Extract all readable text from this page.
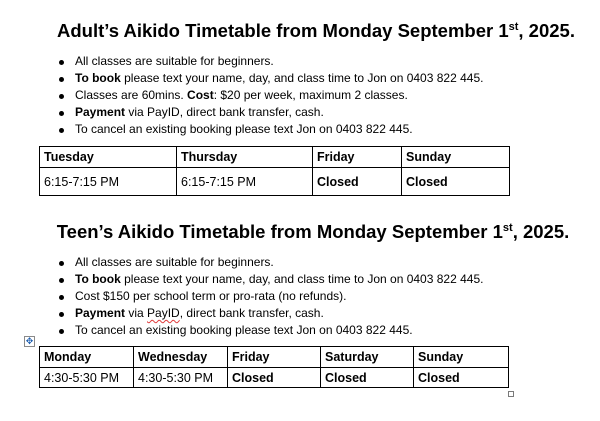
Adult’s Aikido Timetable from Monday September 1st, 2025.
All classes are suitable for beginners.
To book please text your name, day, and class time to Jon on 0403 822 445.
Classes are 60mins. Cost: $20 per week, maximum 2 classes.
Payment via PayID, direct bank transfer, cash.
To cancel an existing booking please text Jon on 0403 822 445.
Tuesday	Thursday	Friday	Sunday
6:15-7:15 PM	6:15-7:15 PM	Closed	Closed
Teen’s Aikido Timetable from Monday September 1st, 2025.
All classes are suitable for beginners.
To book please text your name, day, and class time to Jon on 0403 822 445.
Cost $150 per school term or pro-rata (no refunds).
Payment via PayID, direct bank transfer, cash.
To cancel an existing booking please text Jon on 0403 822 445.
✥
Monday	Wednesday	Friday	Saturday	Sunday
4:30-5:30 PM	4:30-5:30 PM	Closed	Closed	Closed
